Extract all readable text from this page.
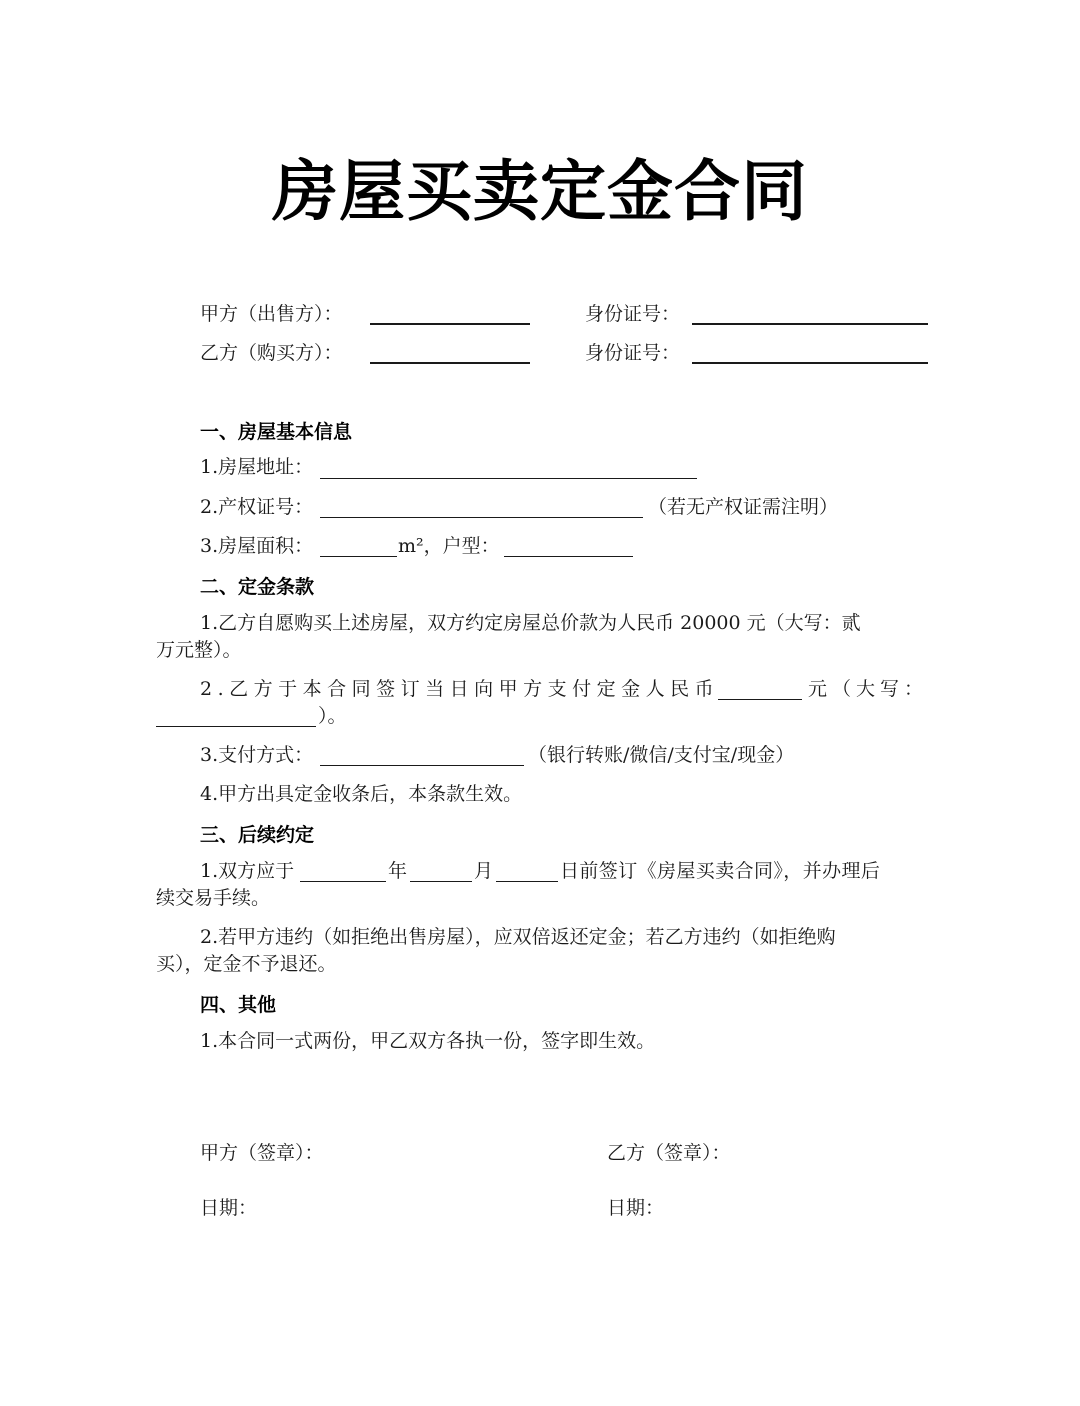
房屋买卖定金合同
甲方（出售方）：	身份证号：
乙方（购买方）：	身份证号：
一、房屋基本信息
1.房屋地址：
2.产权证号：	（若无产权证需注明）
3.房屋面积：	m²，户型：
二、定金条款
1.乙方自愿购买上述房屋，双方约定房屋总价款为人民币 20000 元（大写：贰
万元整）。
2.乙方于本合同签订当日向甲方支付定金人民币	元（大写：
）。
3.支付方式：	（银行转账/微信/支付宝/现金）
4.甲方出具定金收条后，本条款生效。
三、后续约定
1.双方应于	年	月	日前签订《房屋买卖合同》，并办理后
续交易手续。
2.若甲方违约（如拒绝出售房屋），应双倍返还定金；若乙方违约（如拒绝购
买），定金不予退还。
四、其他
1.本合同一式两份，甲乙双方各执一份，签字即生效。
甲方（签章）：	乙方（签章）：
日期：	日期：
